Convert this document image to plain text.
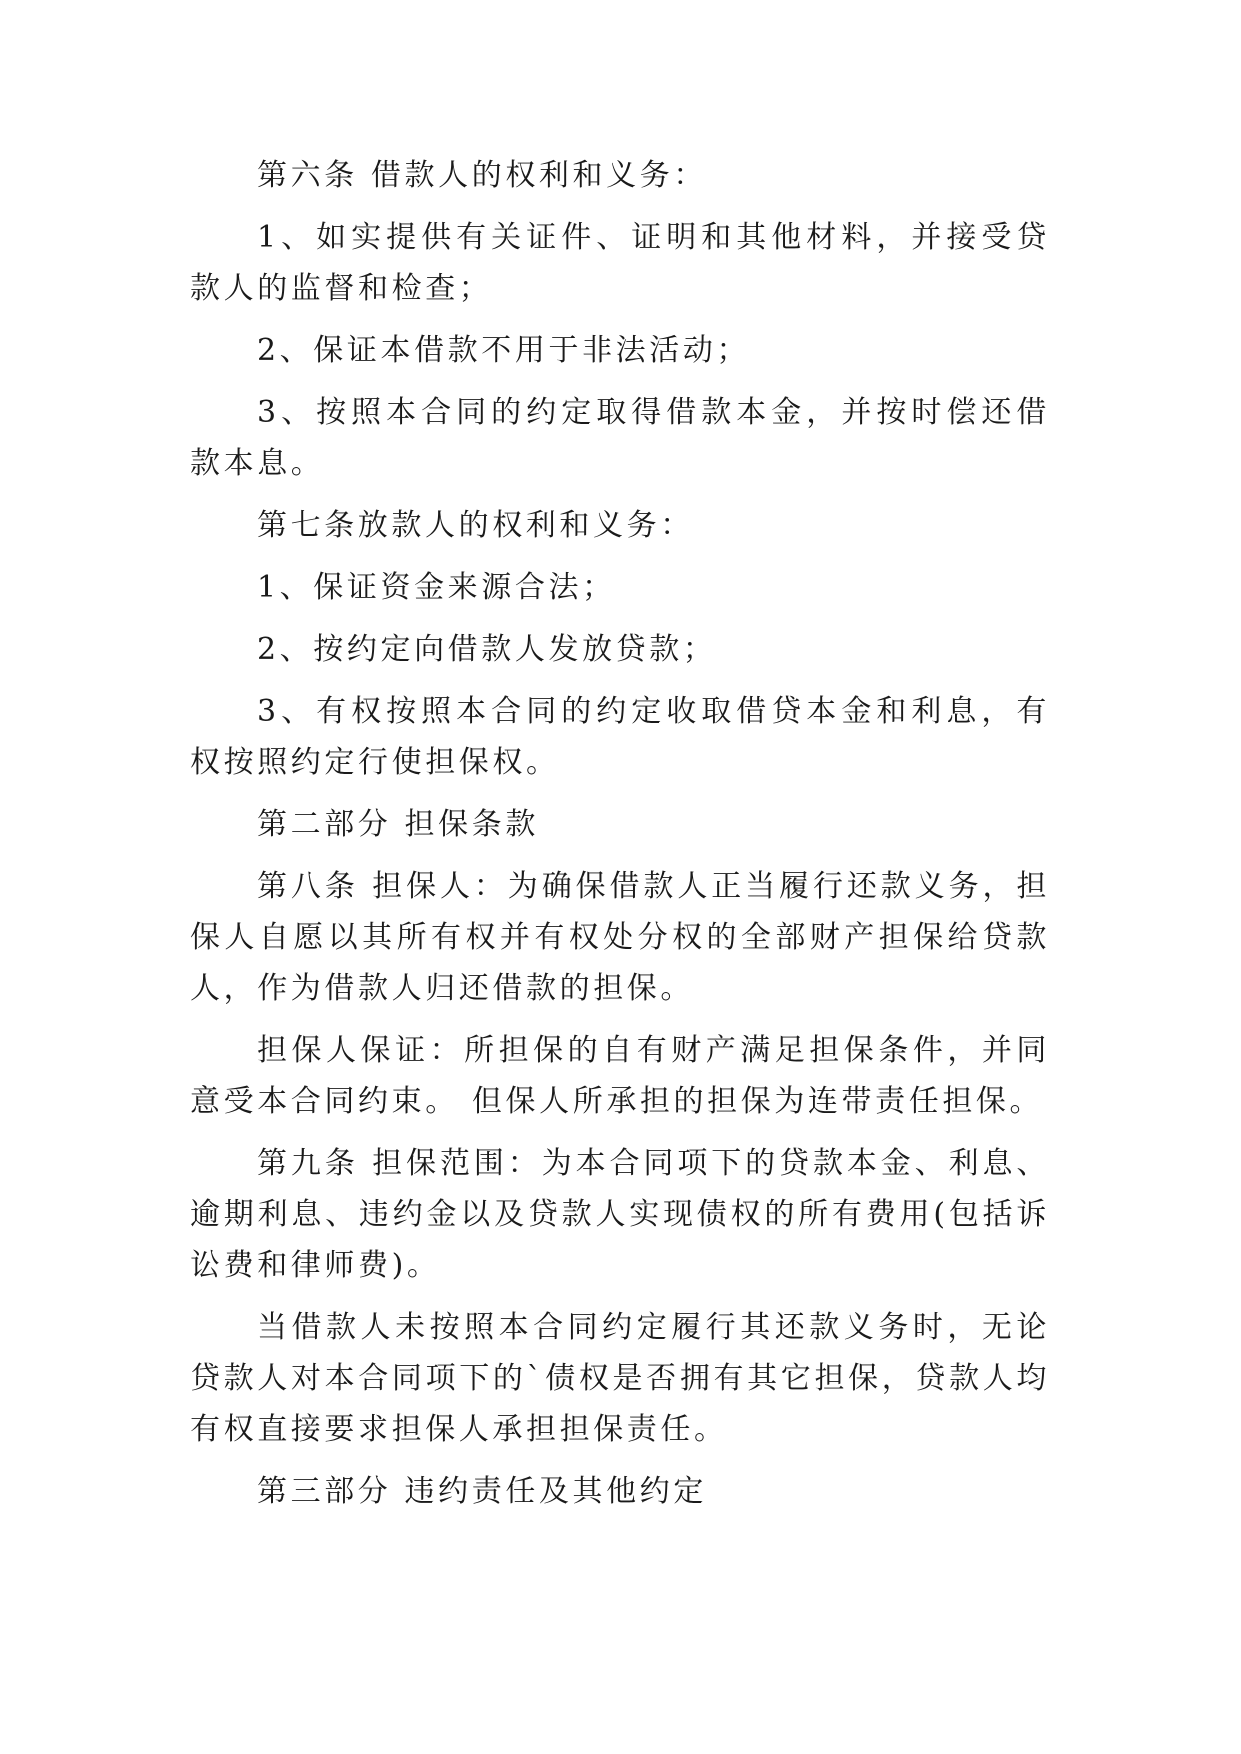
第六条 借款人的权利和义务：

1、如实提供有关证件、证明和其他材料，并接受贷款人的监督和检查；

2、保证本借款不用于非法活动；

3、按照本合同的约定取得借款本金，并按时偿还借款本息。

第七条放款人的权利和义务：

1、保证资金来源合法；

2、按约定向借款人发放贷款；

3、有权按照本合同的约定收取借贷本金和利息，有权按照约定行使担保权。

第二部分 担保条款

第八条 担保人：为确保借款人正当履行还款义务，担保人自愿以其所有权并有权处分权的全部财产担保给贷款人，作为借款人归还借款的担保。

担保人保证：所担保的自有财产满足担保条件，并同意受本合同约束。 但保人所承担的担保为连带责任担保。

第九条 担保范围：为本合同项下的贷款本金、利息、逾期利息、违约金以及贷款人实现债权的所有费用(包括诉讼费和律师费)。

当借款人未按照本合同约定履行其还款义务时，无论贷款人对本合同项下的`债权是否拥有其它担保，贷款人均有权直接要求担保人承担担保责任。

第三部分 违约责任及其他约定
